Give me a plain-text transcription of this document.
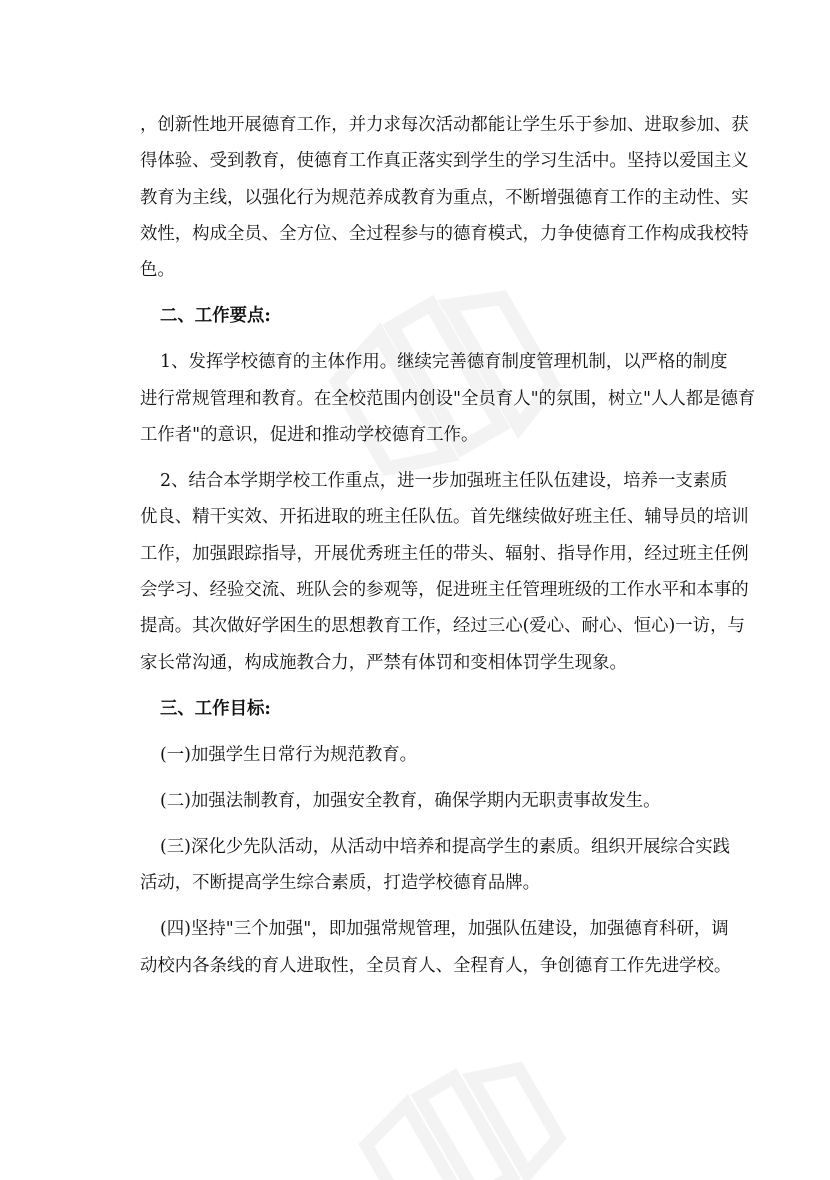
，创新性地开展德育工作，并力求每次活动都能让学生乐于参加、进取参加、获
得体验、受到教育，使德育工作真正落实到学生的学习生活中。坚持以爱国主义
教育为主线，以强化行为规范养成教育为重点，不断增强德育工作的主动性、实
效性，构成全员、全方位、全过程参与的德育模式，力争使德育工作构成我校特
色。
二、工作要点:
1、发挥学校德育的主体作用。继续完善德育制度管理机制，以严格的制度
进行常规管理和教育。在全校范围内创设"全员育人"的氛围，树立"人人都是德育
工作者"的意识，促进和推动学校德育工作。
2、结合本学期学校工作重点，进一步加强班主任队伍建设，培养一支素质
优良、精干实效、开拓进取的班主任队伍。首先继续做好班主任、辅导员的培训
工作，加强跟踪指导，开展优秀班主任的带头、辐射、指导作用，经过班主任例
会学习、经验交流、班队会的参观等，促进班主任管理班级的工作水平和本事的
提高。其次做好学困生的思想教育工作，经过三心(爱心、耐心、恒心)一访，与
家长常沟通，构成施教合力，严禁有体罚和变相体罚学生现象。
三、工作目标:
(一)加强学生日常行为规范教育。
(二)加强法制教育，加强安全教育，确保学期内无职责事故发生。
(三)深化少先队活动，从活动中培养和提高学生的素质。组织开展综合实践
活动，不断提高学生综合素质，打造学校德育品牌。
(四)坚持"三个加强"，即加强常规管理，加强队伍建设，加强德育科研，调
动校内各条线的育人进取性，全员育人、全程育人，争创德育工作先进学校。
